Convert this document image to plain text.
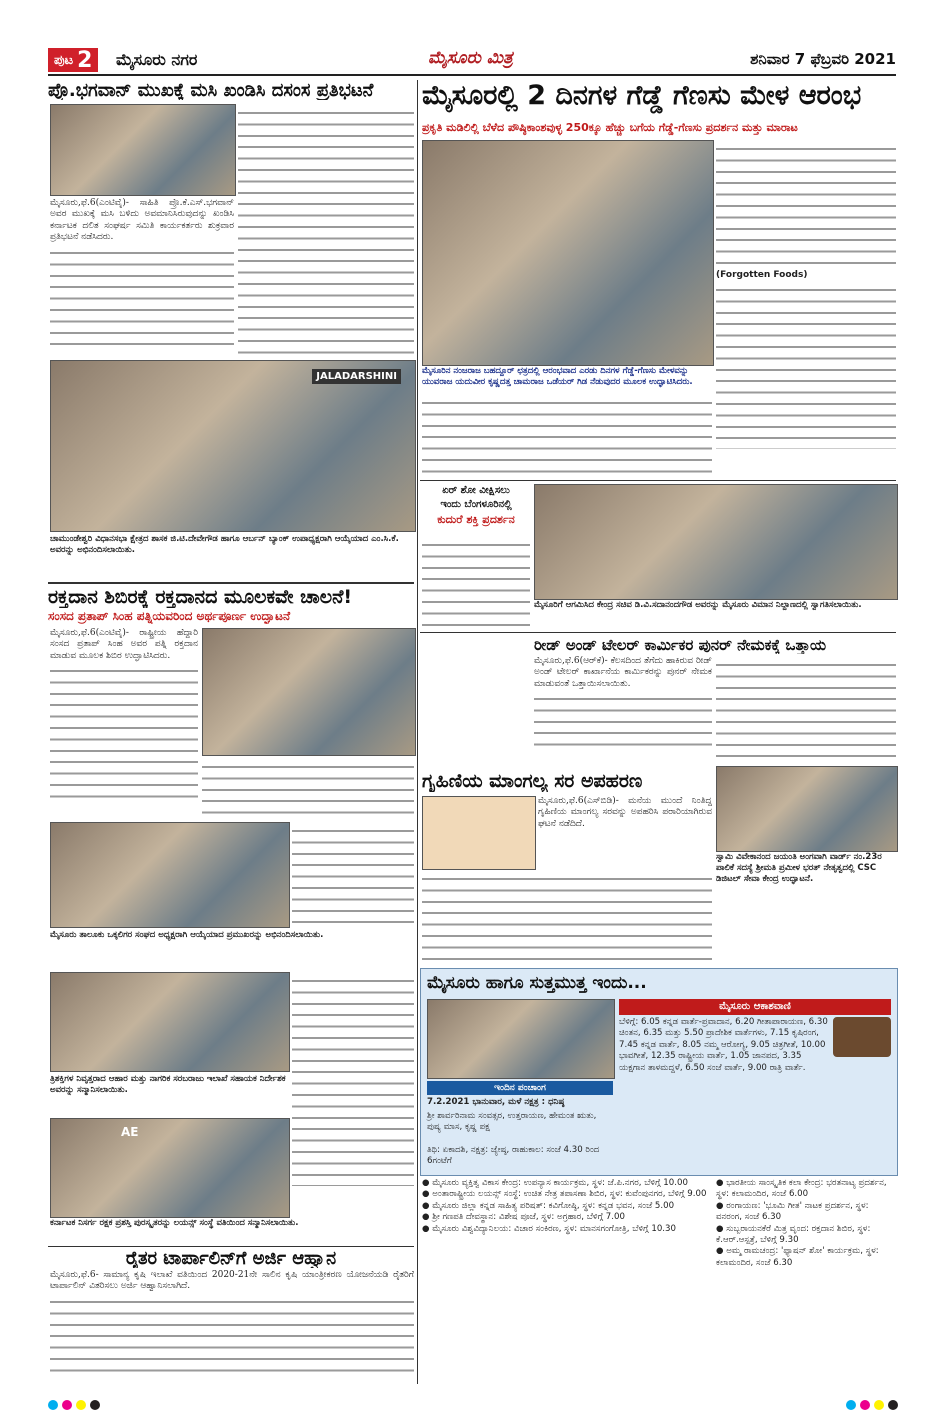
ಪುಟ 2 ಮೈಸೂರು ನಗರ	ಮೈಸೂರು ಮಿತ್ರ	ಶನಿವಾರ 7 ಫೆಬ್ರವರಿ 2021
ಪ್ರೊ.ಭಗವಾನ್ ಮುಖಕ್ಕೆ ಮಸಿ ಖಂಡಿಸಿ ದಸಂಸ ಪ್ರತಿಭಟನೆ

ಮೈಸೂರು,ಫೆ.6(ಎಂಟಿವೈ)- ಸಾಹಿತಿ ಪ್ರೊ.ಕೆ.ಎಸ್.ಭಗವಾನ್ ಅವರ ಮುಖಕ್ಕೆ ಮಸಿ ಬಳಿದು ಅವಮಾನಿಸಿರುವುದನ್ನು ಖಂಡಿಸಿ ಕರ್ನಾಟಕ ದಲಿತ ಸಂಘರ್ಷ ಸಮಿತಿ ಕಾರ್ಯಕರ್ತರು ಶುಕ್ರವಾರ ಪ್ರತಿಭಟನೆ ನಡೆಸಿದರು.

JALADARSHINI
ಚಾಮುಂಡೇಶ್ವರಿ ವಿಧಾನಸಭಾ ಕ್ಷೇತ್ರದ ಶಾಸಕ ಜಿ.ಟಿ.ದೇವೇಗೌಡ ಹಾಗೂ ಆರ್ಬನ್ ಬ್ಯಾಂಕ್ ಉಪಾಧ್ಯಕ್ಷರಾಗಿ ಆಯ್ಕೆಯಾದ ಎಂ.ಸಿ.ಕೆ. ಅವರನ್ನು ಅಭಿನಂದಿಸಲಾಯಿತು.
ರಕ್ತದಾನ ಶಿಬಿರಕ್ಕೆ ರಕ್ತದಾನದ ಮೂಲಕವೇ ಚಾಲನೆ!
ಸಂಸದ ಪ್ರತಾಪ್ ಸಿಂಹ ಪತ್ನಿಯವರಿಂದ ಅರ್ಥಪೂರ್ಣ ಉದ್ಘಾಟನೆ

ಮೈಸೂರು,ಫೆ.6(ಎಂಟಿವೈ)- ರಾಷ್ಟ್ರೀಯ ಹೆದ್ದಾರಿ ಸಂಸದ ಪ್ರತಾಪ್ ಸಿಂಹ ಅವರ ಪತ್ನಿ ರಕ್ತದಾನ ಮಾಡುವ ಮೂಲಕ ಶಿಬಿರ ಉದ್ಘಾಟಿಸಿದರು.

ಮೈಸೂರು ತಾಲೂಕು ಒಕ್ಕಲಿಗರ ಸಂಘದ ಅಧ್ಯಕ್ಷರಾಗಿ ಆಯ್ಕೆಯಾದ ಪ್ರಮುಖರನ್ನು ಅಭಿನಂದಿಸಲಾಯಿತು.
ತ್ರಿಶಕ್ತಿಗಳ ನಿವೃತ್ತರಾದ ಆಹಾರ ಮತ್ತು ನಾಗರಿಕ ಸರಬರಾಜು ಇಲಾಖೆ ಸಹಾಯಕ ನಿರ್ದೇಶಕ ಅವರನ್ನು ಸನ್ಮಾನಿಸಲಾಯಿತು.
AE
ಕರ್ನಾಟಕ ನಿಸರ್ಗ ರಕ್ಷಕ ಪ್ರಶಸ್ತಿ ಪುರಸ್ಕೃತರನ್ನು ಲಯನ್ಸ್ ಸಂಸ್ಥೆ ವತಿಯಿಂದ ಸನ್ಮಾನಿಸಲಾಯಿತು.
ರೈತರ ಟಾರ್ಪಾಲಿನ್‌ಗೆ ಅರ್ಜಿ ಆಹ್ವಾನ

ಮೈಸೂರು,ಫೆ.6- ಸಾಮಾನ್ಯ ಕೃಷಿ ಇಲಾಖೆ ವತಿಯಿಂದ 2020-21ನೇ ಸಾಲಿನ ಕೃಷಿ ಯಾಂತ್ರೀಕರಣ ಯೋಜನೆಯಡಿ ರೈತರಿಗೆ ಟಾರ್ಪಾಲಿನ್ ವಿತರಿಸಲು ಅರ್ಜಿ ಆಹ್ವಾನಿಸಲಾಗಿದೆ.

ಮೈಸೂರಲ್ಲಿ 2 ದಿನಗಳ ಗೆಡ್ಡೆ ಗೆಣಸು ಮೇಳ ಆರಂಭ
ಪ್ರಕೃತಿ ಮಡಿಲಿಲ್ಲಿ ಬೆಳೆದ ಪೌಷ್ಠಿಕಾಂಶವುಳ್ಳ 250ಕ್ಕೂ ಹೆಚ್ಚು ಬಗೆಯ ಗೆಡ್ಡೆ-ಗೆಣಸು ಪ್ರದರ್ಶನ ಮತ್ತು ಮಾರಾಟ
(Forgotten Foods)
ಮೈಸೂರಿನ ನಂಜರಾಜ ಬಹದ್ದೂರ್ ಛತ್ರದಲ್ಲಿ ಆರಂಭವಾದ ಎರಡು ದಿನಗಳ ಗೆಡ್ಡೆ-ಗೆಣಸು ಮೇಳವನ್ನು ಯುವರಾಜ ಯದುವೀರ ಕೃಷ್ಣದತ್ತ ಚಾಮರಾಜ ಒಡೆಯರ್ ಗಿಡ ನೆಡುವುದರ ಮೂಲಕ ಉದ್ಘಾಟಿಸಿದರು.
ಏರ್ ಶೋ ವೀಕ್ಷಿಸಲು
ಇಂದು ಬೆಂಗಳೂರಿನಲ್ಲಿ
ಕುದುರೆ ಶಕ್ತಿ ಪ್ರದರ್ಶನ
ಮೈಸೂರಿಗೆ ಆಗಮಿಸಿದ ಕೇಂದ್ರ ಸಚಿವ ಡಿ.ವಿ.ಸದಾನಂದಗೌಡ ಅವರನ್ನು ಮೈಸೂರು ವಿಮಾನ ನಿಲ್ದಾಣದಲ್ಲಿ ಸ್ವಾಗತಿಸಲಾಯಿತು.
ರೀಡ್ ಅಂಡ್ ಟೇಲರ್ ಕಾರ್ಮಿಕರ ಪುನರ್ ನೇಮಕಕ್ಕೆ ಒತ್ತಾಯ

ಮೈಸೂರು,ಫೆ.6(ಆರ್‌ಕೆ)- ಕೆಲಸದಿಂದ ತೆಗೆದು ಹಾಕಿರುವ ರೀಡ್ ಅಂಡ್ ಟೇಲರ್ ಕಾರ್ಖಾನೆಯ ಕಾರ್ಮಿಕರನ್ನು ಪುನರ್ ನೇಮಕ ಮಾಡುವಂತೆ ಒತ್ತಾಯಿಸಲಾಯಿತು.

ಗೃಹಿಣಿಯ ಮಾಂಗಲ್ಯ ಸರ ಅಪಹರಣ

ಮೈಸೂರು,ಫೆ.6(ಎಸ್‌ಬಿಡಿ)- ಮನೆಯ ಮುಂದೆ ನಿಂತಿದ್ದ ಗೃಹಿಣಿಯ ಮಾಂಗಲ್ಯ ಸರವನ್ನು ಅಪಹರಿಸಿ ಪರಾರಿಯಾಗಿರುವ ಘಟನೆ ನಡೆದಿದೆ.

ಸ್ವಾಮಿ ವಿವೇಕಾನಂದ ಜಯಂತಿ ಅಂಗವಾಗಿ ವಾರ್ಡ್ ನಂ.23ರ ಪಾಲಿಕೆ ಸದಸ್ಯೆ ಶ್ರೀಮತಿ ಪ್ರಮೀಳ ಭರತ್ ನೇತೃತ್ವದಲ್ಲಿ CSC ಡಿಜಿಟಲ್ ಸೇವಾ ಕೇಂದ್ರ ಉದ್ಘಾಟನೆ.
ಮೈಸೂರು ಹಾಗೂ ಸುತ್ತಮುತ್ತ ಇಂದು...
ಮೈಸೂರು ಆಕಾಶವಾಣಿ
ಬೆಳಿಗ್ಗೆ: 6.05 ಕನ್ನಡ ವಾರ್ತೆ-ಪ್ರವಾದಾನ, 6.20 ಗೀತಾಪಾರಾಯಣ, 6.30 ಚಿಂತನ, 6.35 ಮತ್ತು 5.50 ಪ್ರಾದೇಶಿಕ ವಾರ್ತೆಗಳು, 7.15 ಕೃಷಿರಂಗ, 7.45 ಕನ್ನಡ ವಾರ್ತೆ, 8.05 ನಮ್ಮ ಆರೋಗ್ಯ, 9.05 ಚಿತ್ರಗೀತೆ, 10.00 ಭಾವಗೀತೆ, 12.35 ರಾಷ್ಟ್ರೀಯ ವಾರ್ತೆ, 1.05 ಜಾನಪದ, 3.35 ಯಕ್ಷಗಾನ ತಾಳಮದ್ದಳೆ, 6.50 ಸಂಜೆ ವಾರ್ತೆ, 9.00 ರಾತ್ರಿ ವಾರ್ತೆ.
ಇಂದಿನ ಪಂಚಾಂಗ
7.2.2021 ಭಾನುವಾರ, ಮಳೆ ನಕ್ಷತ್ರ : ಧನಿಷ್ಠ
ಶ್ರೀ ಶಾರ್ವರಿನಾಮ ಸಂವತ್ಸರ, ಉತ್ತರಾಯಣ, ಹೇಮಂತ ಋತು, ಪುಷ್ಯ ಮಾಸ, ಕೃಷ್ಣ ಪಕ್ಷ
ತಿಥಿ: ಏಕಾದಶಿ, ನಕ್ಷತ್ರ: ಜ್ಯೇಷ್ಠ, ರಾಹುಕಾಲ: ಸಂಜೆ 4.30 ರಿಂದ 6ಗಂಟೆಗೆ
● ಮೈಸೂರು ವ್ಯಕ್ತಿತ್ವ ವಿಕಾಸ ಕೇಂದ್ರ: ಉಪನ್ಯಾಸ ಕಾರ್ಯಕ್ರಮ, ಸ್ಥಳ: ಜೆ.ಪಿ.ನಗರ, ಬೆಳಿಗ್ಗೆ 10.00
● ಅಂತಾರಾಷ್ಟ್ರೀಯ ಲಯನ್ಸ್ ಸಂಸ್ಥೆ: ಉಚಿತ ನೇತ್ರ ತಪಾಸಣಾ ಶಿಬಿರ, ಸ್ಥಳ: ಕುವೆಂಪುನಗರ, ಬೆಳಿಗ್ಗೆ 9.00
● ಮೈಸೂರು ಜಿಲ್ಲಾ ಕನ್ನಡ ಸಾಹಿತ್ಯ ಪರಿಷತ್: ಕವಿಗೋಷ್ಠಿ, ಸ್ಥಳ: ಕನ್ನಡ ಭವನ, ಸಂಜೆ 5.00
● ಶ್ರೀ ಗಣಪತಿ ದೇವಸ್ಥಾನ: ವಿಶೇಷ ಪೂಜೆ, ಸ್ಥಳ: ಅಗ್ರಹಾರ, ಬೆಳಿಗ್ಗೆ 7.00
● ಮೈಸೂರು ವಿಶ್ವವಿದ್ಯಾನಿಲಯ: ವಿಚಾರ ಸಂಕಿರಣ, ಸ್ಥಳ: ಮಾನಸಗಂಗೋತ್ರಿ, ಬೆಳಿಗ್ಗೆ 10.30
● ಭಾರತೀಯ ಸಾಂಸ್ಕೃತಿಕ ಕಲಾ ಕೇಂದ್ರ: ಭರತನಾಟ್ಯ ಪ್ರದರ್ಶನ, ಸ್ಥಳ: ಕಲಾಮಂದಿರ, ಸಂಜೆ 6.00
● ರಂಗಾಯಣ: 'ಭೂಮಿ ಗೀತ' ನಾಟಕ ಪ್ರದರ್ಶನ, ಸ್ಥಳ: ವನರಂಗ, ಸಂಜೆ 6.30
● ಸುಬ್ಬರಾಯನಕೆರೆ ಮಿತ್ರ ವೃಂದ: ರಕ್ತದಾನ ಶಿಬಿರ, ಸ್ಥಳ: ಕೆ.ಆರ್.ಆಸ್ಪತ್ರೆ, ಬೆಳಿಗ್ಗೆ 9.30
● ಅಮ್ಮ ರಾಮಚಂದ್ರ: 'ಫ್ಯಾಷನ್ ಶೋ' ಕಾರ್ಯಕ್ರಮ, ಸ್ಥಳ: ಕಲಾಮಂದಿರ, ಸಂಜೆ 6.30
